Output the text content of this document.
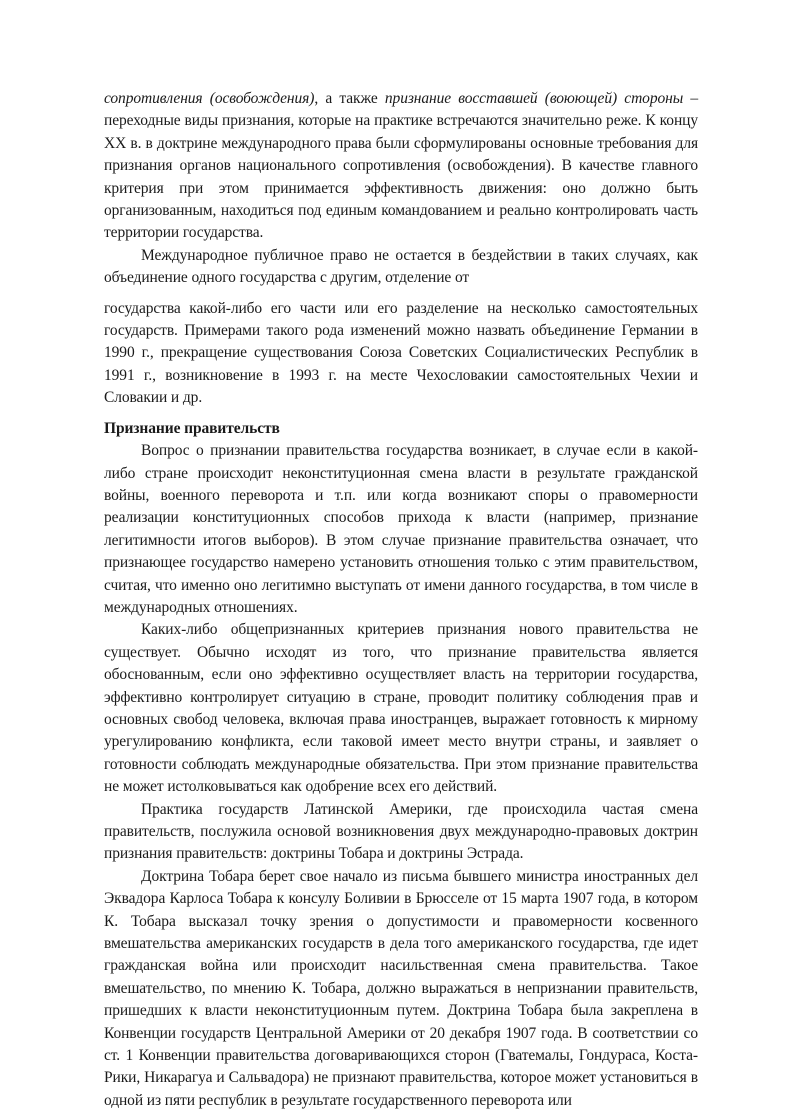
сопротивления (освобождения), а также признание восставшей (воюющей) стороны – переходные виды признания, которые на практике встречаются значительно реже. К концу XX в. в доктрине международного права были сформулированы основные требования для признания органов национального сопротивления (освобождения). В качестве главного критерия при этом принимается эффективность движения: оно должно быть организованным, находиться под единым командованием и реально контролировать часть территории государства.

Международное публичное право не остается в бездействии в таких случаях, как объединение одного государства с другим, отделение от

государства какой-либо его части или его разделение на несколько самостоятельных государств. Примерами такого рода изменений можно назвать объединение Германии в 1990 г., прекращение существования Союза Советских Социалистических Республик в 1991 г., возникновение в 1993 г. на месте Чехословакии самостоятельных Чехии и Словакии и др.

Признание правительств

Вопрос о признании правительства государства возникает, в случае если в какой-либо стране происходит неконституционная смена власти в результате гражданской войны, военного переворота и т.п. или когда возникают споры о правомерности реализации конституционных способов прихода к власти (например, признание легитимности итогов выборов). В этом случае признание правительства означает, что признающее государство намерено установить отношения только с этим правительством, считая, что именно оно легитимно выступать от имени данного государства, в том числе в международных отношениях.

Каких-либо общепризнанных критериев признания нового правительства не существует. Обычно исходят из того, что признание правительства является обоснованным, если оно эффективно осуществляет власть на территории государства, эффективно контролирует ситуацию в стране, проводит политику соблюдения прав и основных свобод человека, включая права иностранцев, выражает готовность к мирному урегулированию конфликта, если таковой имеет место внутри страны, и заявляет о готовности соблюдать международные обязательства. При этом признание правительства не может истолковываться как одобрение всех его действий.

Практика государств Латинской Америки, где происходила частая смена правительств, послужила основой возникновения двух международно-правовых доктрин признания правительств: доктрины Тобара и доктрины Эстрада.

Доктрина Тобара берет свое начало из письма бывшего министра иностранных дел Эквадора Карлоса Тобара к консулу Боливии в Брюсселе от 15 марта 1907 года, в котором К. Тобара высказал точку зрения о допустимости и правомерности косвенного вмешательства американских государств в дела того американского государства, где идет гражданская война или происходит насильственная смена правительства. Такое вмешательство, по мнению К. Тобара, должно выражаться в непризнании правительств, пришедших к власти неконституционным путем. Доктрина Тобара была закреплена в Конвенции государств Центральной Америки от 20 декабря 1907 года. В соответствии со ст. 1 Конвенции правительства договаривающихся сторон (Гватемалы, Гондураса, Коста-Рики, Никарагуа и Сальвадора) не признают правительства, которое может установиться в одной из пяти республик в результате государственного переворота или
